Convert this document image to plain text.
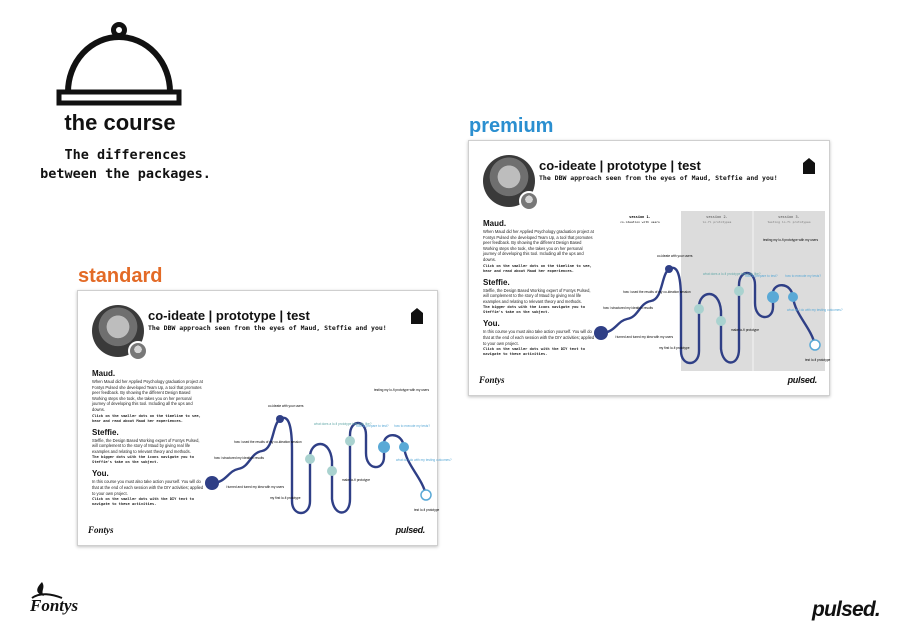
the course
The differences
between the packages.
premium
standard
co-ideate | prototype | test
The DBW approach seen from the eyes of Maud, Steffie and you!
Maud.
When Maud did her Applied Psychology graduation project at Fontys Pulsed she developed Team Up, a tool that promotes peer feedback. By showing the different Design Based Working steps she took, she takes you on her personal journey of developing this tool. Including all the ups and downs.
Click on the smaller dots on the timeline to see, hear and read about Maud her experiences.
Steffie.
Steffie, the Design Based Working expert of Fontys Pulsed, will complement to the story of Maud by giving real life examples and relating to relevant theory and methods.
The bigger dots with the icons navigate you to Steffie's take on the subject.
You.
In this course you must also take action yourself. You will do that at the end of each session with the DIY activities; applied to your own project.
Click on the smaller dots with the DIY text to navigate to these activities.
session 1.
co-ideation with users
session 2.
lo-fi prototypes
session 3.
testing lo-fi prototypes
i turned and tuned my idea with my users
how i structured my ideation results
how i used the results of my co-ideation session
co-ideate with your users
my first lo-fi prototype
what does a lo-fi prototype test look like?
make lo-fi prototype
testing my lo-fi prototype with my users
test lo-fi prototype
how to prepare to test? how to execute my tests?
what do i do with my testing outcomes?
Fontys	pulsed.
co-ideate | prototype | test
The DBW approach seen from the eyes of Maud, Steffie and you!
Maud.
When Maud did her Applied Psychology graduation project at Fontys Pulsed she developed Team Up, a tool that promotes peer feedback. By showing the different Design Based Working steps she took, she takes you on her personal journey of developing this tool. Including all the ups and downs.
Click on the smaller dots on the timeline to see, hear and read about Maud her experiences.
Steffie.
Steffie, the Design Based Working expert of Fontys Pulsed, will complement to the story of Maud by giving real life examples and relating to relevant theory and methods.
The bigger dots with the icons navigate you to Steffie's take on the subject.
You.
In this course you must also take action yourself. You will do that at the end of each session with the DIY activities; applied to your own project.
Click on the smaller dots with the DIY text to navigate to these activities.
i turned and tuned my idea with my users
how i structured my ideation results
how i used the results of my co-ideation session
co-ideate with your users
my first lo-fi prototype
what does a lo-fi prototype test look like?
make lo-fi prototype
testing my lo-fi prototype with my users
test lo-fi prototype
how to prepare to test? how to execute my tests?
what do i do with my testing outcomes?
Fontys	pulsed.
Fontys	pulsed.
